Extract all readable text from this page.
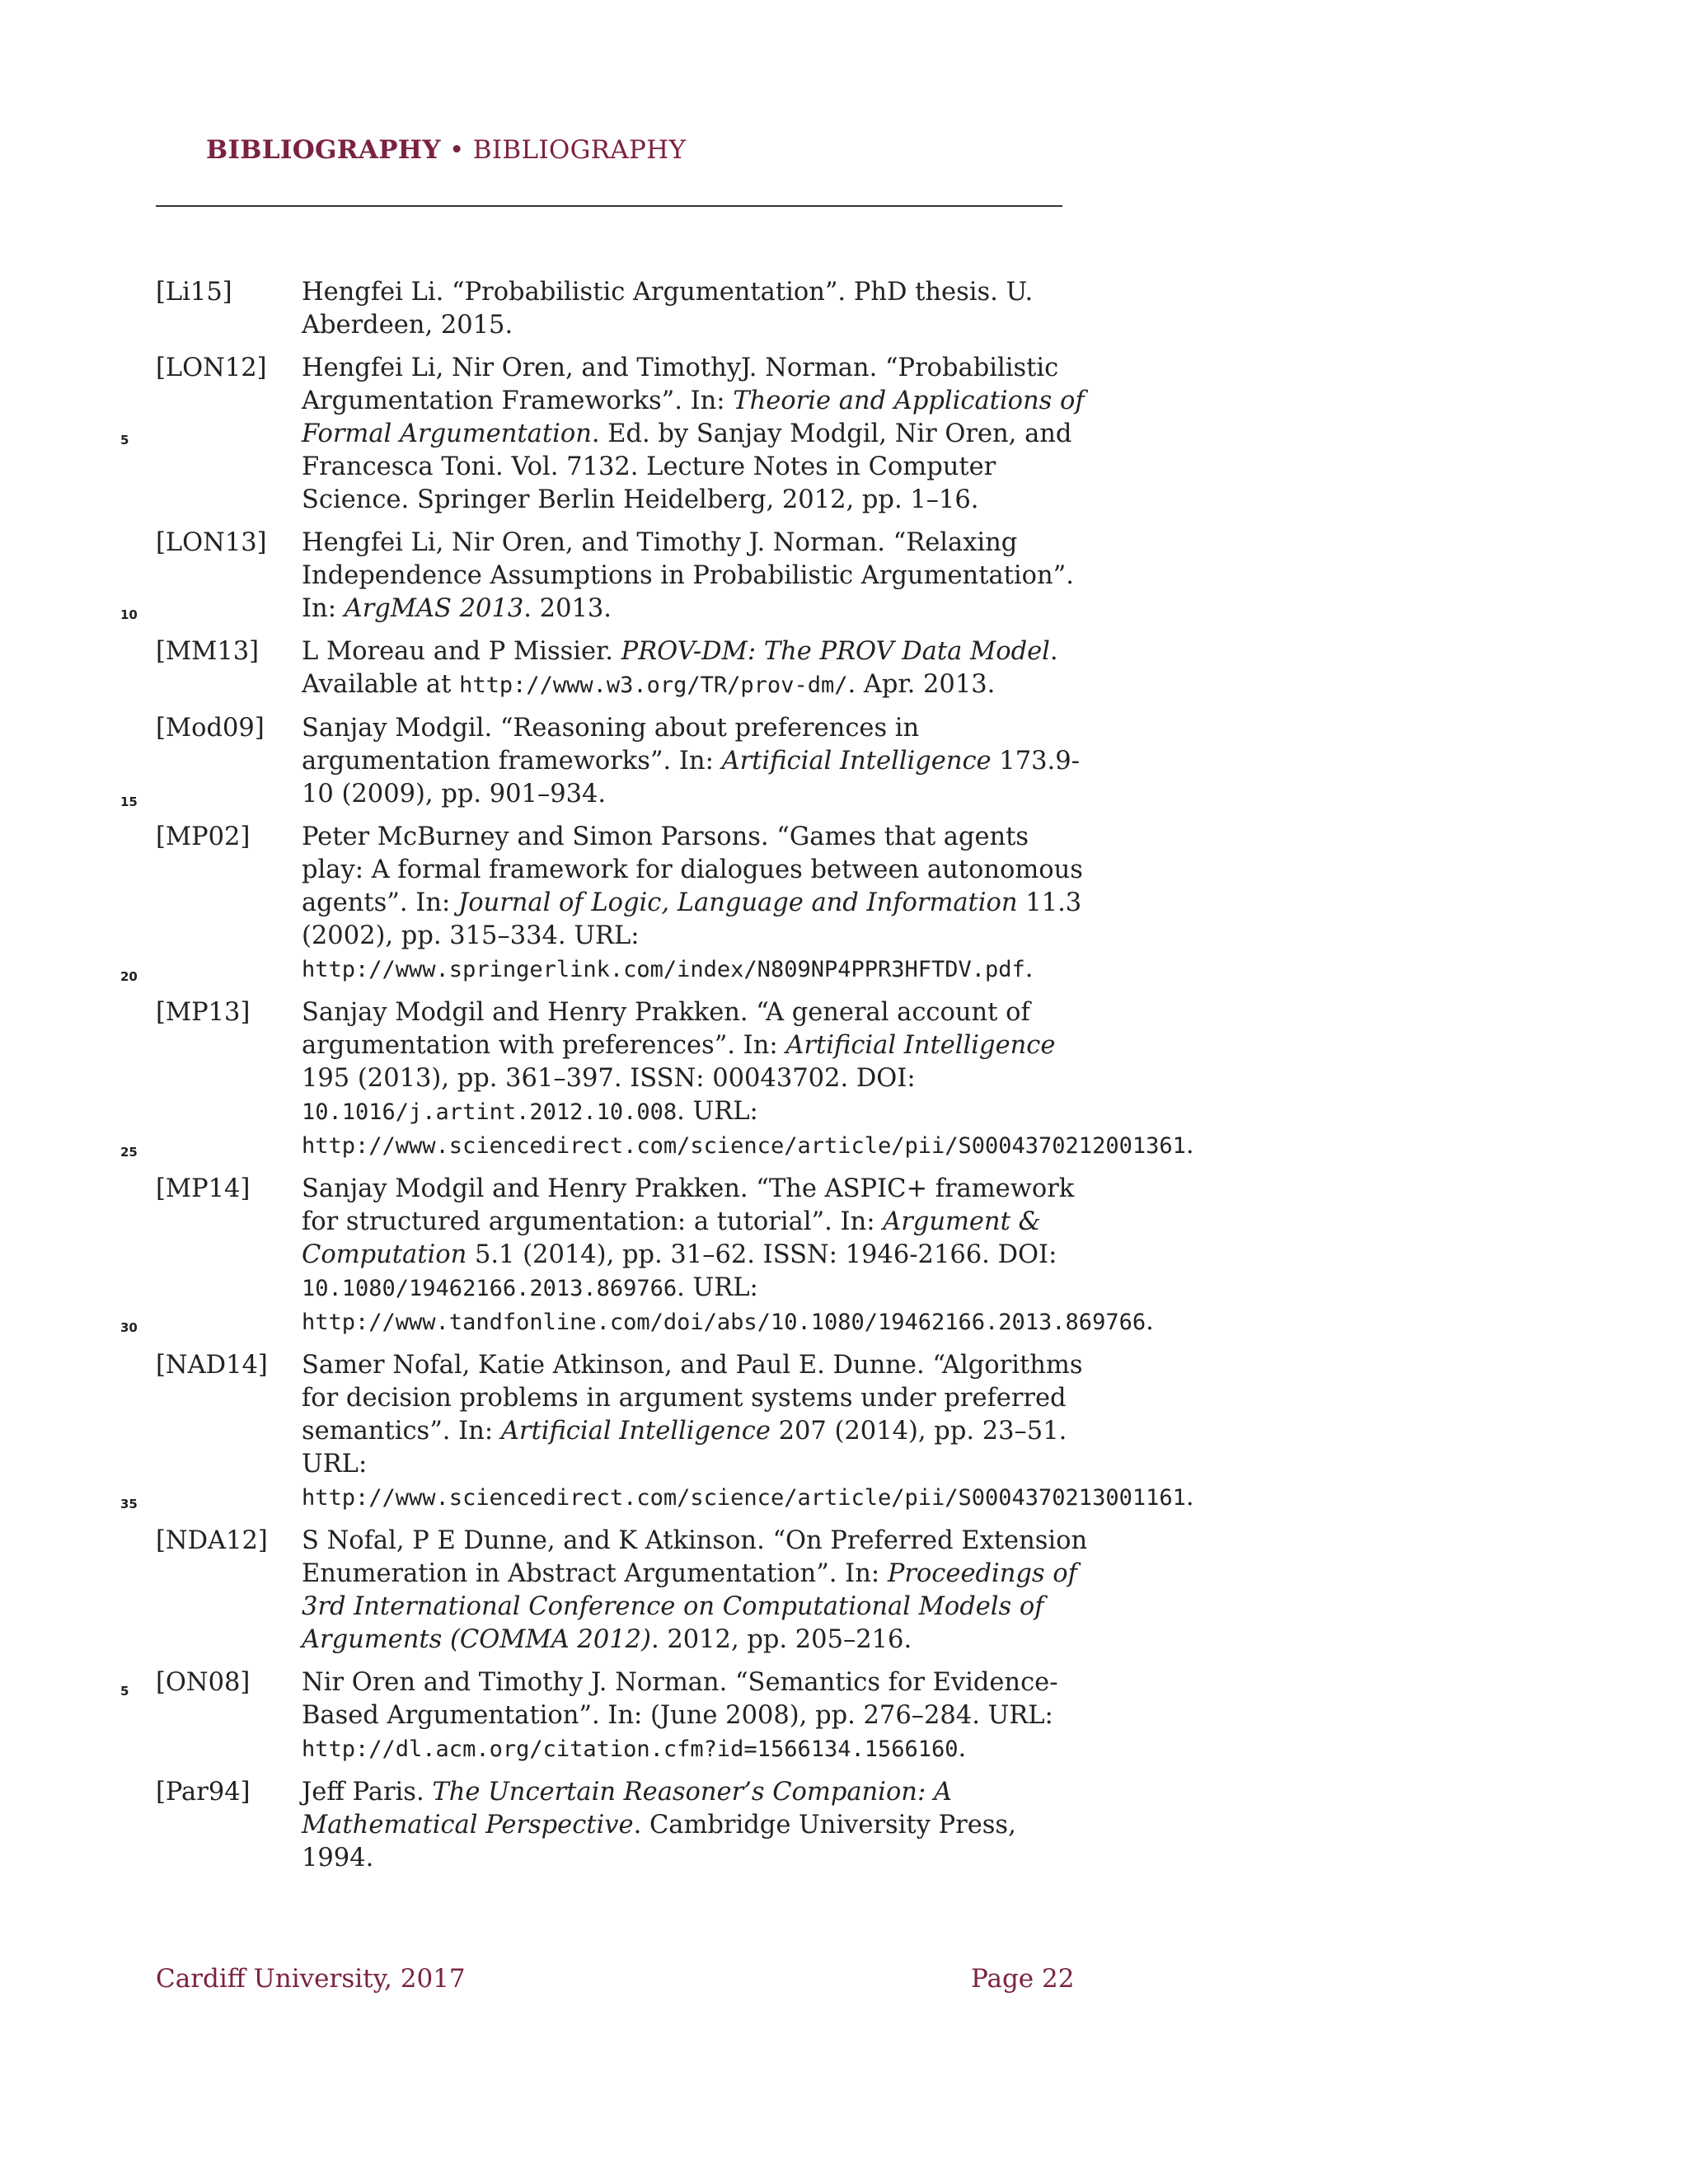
BIBLIOGRAPHY • BIBLIOGRAPHY
5
10
15
20
25
30
35
5
[Li15]	Hengfei Li. “Probabilistic Argumentation”. PhD thesis. U. Aberdeen, 2015.
[LON12]	Hengfei Li, Nir Oren, and TimothyJ. Norman. “Probabilistic Argumentation Frameworks”. In: Theorie and Applications of Formal Argumentation. Ed. by Sanjay Modgil, Nir Oren, and Francesca Toni. Vol. 7132. Lecture Notes in Computer Science. Springer Berlin Heidelberg, 2012, pp. 1–16.
[LON13]	Hengfei Li, Nir Oren, and Timothy J. Norman. “Relaxing Independence Assumptions in Probabilistic Argumentation”. In: ArgMAS 2013. 2013.
[MM13]	L Moreau and P Missier. PROV-DM: The PROV Data Model. Available at http://www.w3.org/TR/prov-dm/. Apr. 2013.
[Mod09]	Sanjay Modgil. “Reasoning about preferences in argumentation frameworks”. In: Artificial Intelligence 173.9-10 (2009), pp. 901–934.
[MP02]	Peter McBurney and Simon Parsons. “Games that agents play: A formal framework for dialogues between autonomous agents”. In: Journal of Logic, Language and Information 11.3 (2002), pp. 315–334. URL: http://www.springerlink.com/index/N809NP4PPR3HFTDV.pdf.
[MP13]	Sanjay Modgil and Henry Prakken. “A general account of argumentation with preferences”. In: Artificial Intelligence 195 (2013), pp. 361–397. ISSN: 00043702. DOI: 10.1016/j.artint.2012.10.008. URL: http://www.sciencedirect.com/science/article/pii/S0004370212001361.
[MP14]	Sanjay Modgil and Henry Prakken. “The ASPIC+ framework for structured argumentation: a tutorial”. In: Argument & Computation 5.1 (2014), pp. 31–62. ISSN: 1946-2166. DOI: 10.1080/19462166.2013.869766. URL: http://www.tandfonline.com/doi/abs/10.1080/19462166.2013.869766.
[NAD14]	Samer Nofal, Katie Atkinson, and Paul E. Dunne. “Algorithms for decision problems in argument systems under preferred semantics”. In: Artificial Intelligence 207 (2014), pp. 23–51. URL: http://www.sciencedirect.com/science/article/pii/S0004370213001161.
[NDA12]	S Nofal, P E Dunne, and K Atkinson. “On Preferred Extension Enumeration in Abstract Argumentation”. In: Proceedings of 3rd International Conference on Computational Models of Arguments (COMMA 2012). 2012, pp. 205–216.
[ON08]	Nir Oren and Timothy J. Norman. “Semantics for Evidence-Based Argumentation”. In: (June 2008), pp. 276–284. URL: http://dl.acm.org/citation.cfm?id=1566134.1566160.
[Par94]	Jeff Paris. The Uncertain Reasoner’s Companion: A Mathematical Perspective. Cambridge University Press, 1994.
Cardiff University, 2017	Page 22
